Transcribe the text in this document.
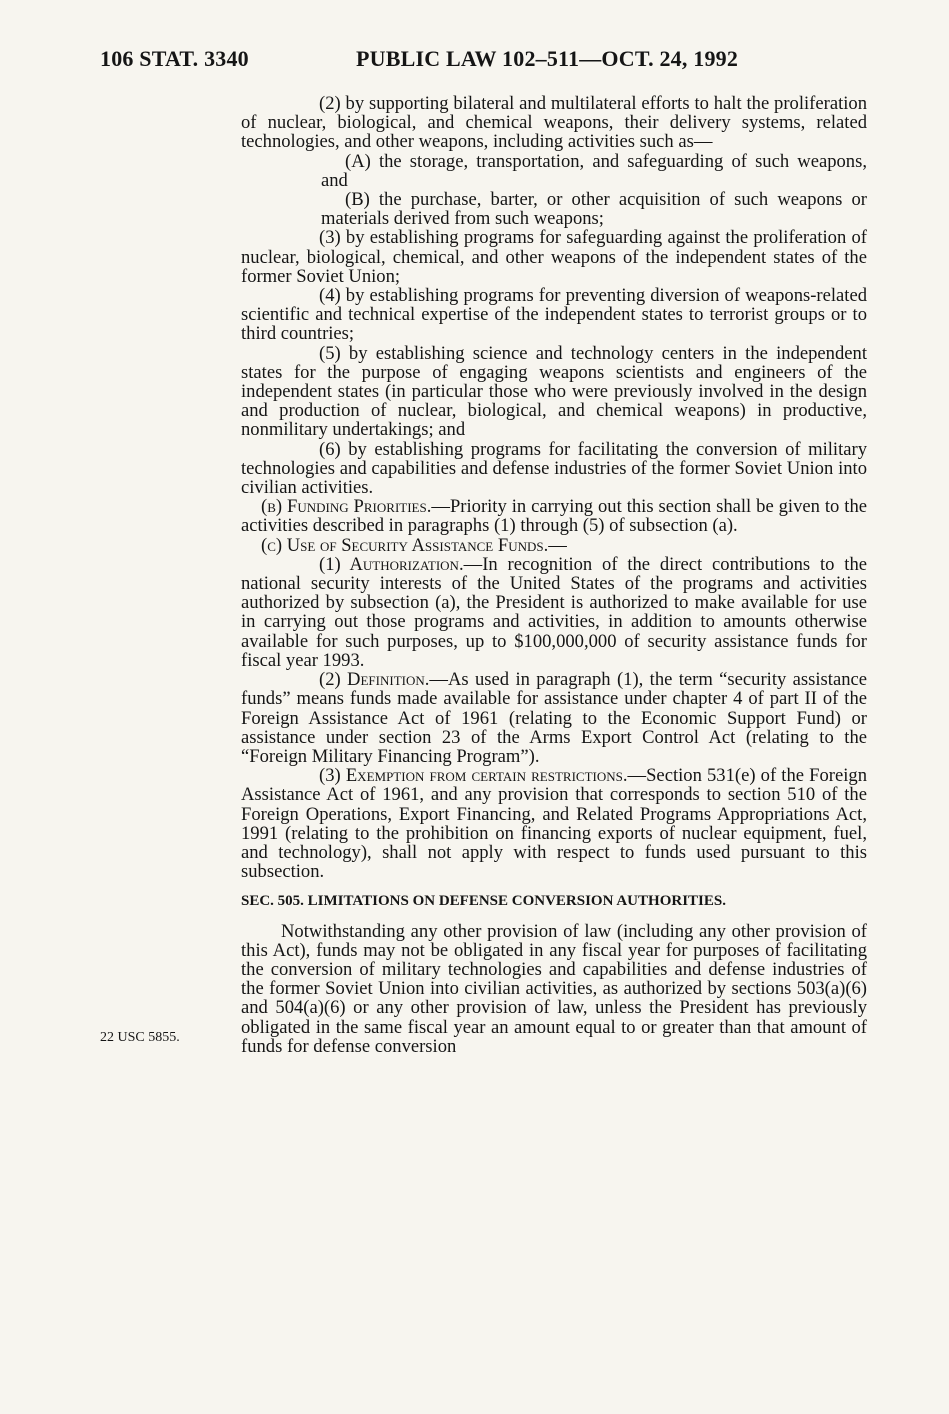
106 STAT. 3340	PUBLIC LAW 102–511—OCT. 24, 1992
22 USC 5855.

(2) by supporting bilateral and multilateral efforts to halt the proliferation of nuclear, biological, and chemical weapons, their delivery systems, related technologies, and other weapons, including activities such as—

(A) the storage, transportation, and safeguarding of such weapons, and

(B) the purchase, barter, or other acquisition of such weapons or materials derived from such weapons;

(3) by establishing programs for safeguarding against the proliferation of nuclear, biological, chemical, and other weapons of the independent states of the former Soviet Union;

(4) by establishing programs for preventing diversion of weapons-related scientific and technical expertise of the independent states to terrorist groups or to third countries;

(5) by establishing science and technology centers in the independent states for the purpose of engaging weapons scientists and engineers of the independent states (in particular those who were previously involved in the design and production of nuclear, biological, and chemical weapons) in productive, nonmilitary undertakings; and

(6) by establishing programs for facilitating the conversion of military technologies and capabilities and defense industries of the former Soviet Union into civilian activities.

(b) Funding Priorities.—Priority in carrying out this section shall be given to the activities described in paragraphs (1) through (5) of subsection (a).

(c) Use of Security Assistance Funds.—

(1) Authorization.—In recognition of the direct contributions to the national security interests of the United States of the programs and activities authorized by subsection (a), the President is authorized to make available for use in carrying out those programs and activities, in addition to amounts otherwise available for such purposes, up to $100,000,000 of security assistance funds for fiscal year 1993.

(2) Definition.—As used in paragraph (1), the term “security assistance funds” means funds made available for assistance under chapter 4 of part II of the Foreign Assistance Act of 1961 (relating to the Economic Support Fund) or assistance under section 23 of the Arms Export Control Act (relating to the “Foreign Military Financing Program”).

(3) Exemption from certain restrictions.—Section 531(e) of the Foreign Assistance Act of 1961, and any provision that corresponds to section 510 of the Foreign Operations, Export Financing, and Related Programs Appropriations Act, 1991 (relating to the prohibition on financing exports of nuclear equipment, fuel, and technology), shall not apply with respect to funds used pursuant to this subsection.

SEC. 505. LIMITATIONS ON DEFENSE CONVERSION AUTHORITIES.

Notwithstanding any other provision of law (including any other provision of this Act), funds may not be obligated in any fiscal year for purposes of facilitating the conversion of military technologies and capabilities and defense industries of the former Soviet Union into civilian activities, as authorized by sections 503(a)(6) and 504(a)(6) or any other provision of law, unless the President has previously obligated in the same fiscal year an amount equal to or greater than that amount of funds for defense conversion
